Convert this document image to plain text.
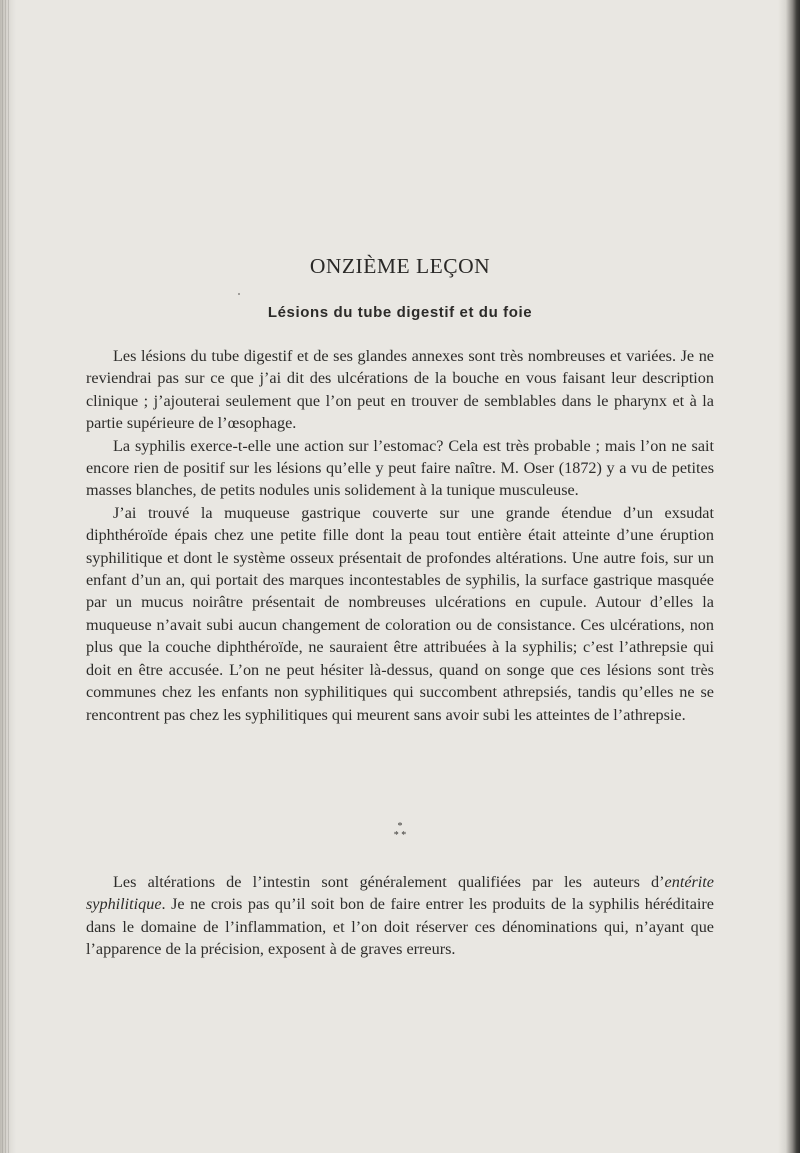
ONZIÈME LEÇON
Lésions du tube digestif et du foie

Les lésions du tube digestif et de ses glandes annexes sont très nombreuses et variées. Je ne reviendrai pas sur ce que j’ai dit des ulcérations de la bouche en vous faisant leur description clinique ; j’ajouterai seulement que l’on peut en trouver de semblables dans le pharynx et à la partie supérieure de l’œsophage.

La syphilis exerce-t-elle une action sur l’estomac? Cela est très probable ; mais l’on ne sait encore rien de positif sur les lésions qu’elle y peut faire naître. M. Oser (1872) y a vu de petites masses blanches, de petits nodules unis solidement à la tunique musculeuse.

J’ai trouvé la muqueuse gastrique couverte sur une grande étendue d’un exsudat diphthéroïde épais chez une petite fille dont la peau tout entière était atteinte d’une éruption syphilitique et dont le système osseux présentait de profondes altérations. Une autre fois, sur un enfant d’un an, qui portait des marques incontestables de syphilis, la surface gastrique masquée par un mucus noirâtre présentait de nombreuses ulcérations en cupule. Autour d’elles la muqueuse n’avait subi aucun changement de coloration ou de consistance. Ces ulcérations, non plus que la couche diphthéroïde, ne sauraient être attribuées à la syphilis; c’est l’athrepsie qui doit en être accusée. L’on ne peut hésiter là-dessus, quand on songe que ces lésions sont très communes chez les enfants non syphilitiques qui succombent athrepsiés, tandis qu’elles ne se rencontrent pas chez les syphilitiques qui meurent sans avoir subi les atteintes de l’athrepsie.

*
* *

Les altérations de l’intestin sont généralement qualifiées par les auteurs d’entérite syphilitique. Je ne crois pas qu’il soit bon de faire entrer les produits de la syphilis héréditaire dans le domaine de l’inflammation, et l’on doit réserver ces dénominations qui, n’ayant que l’apparence de la précision, exposent à de graves erreurs.
